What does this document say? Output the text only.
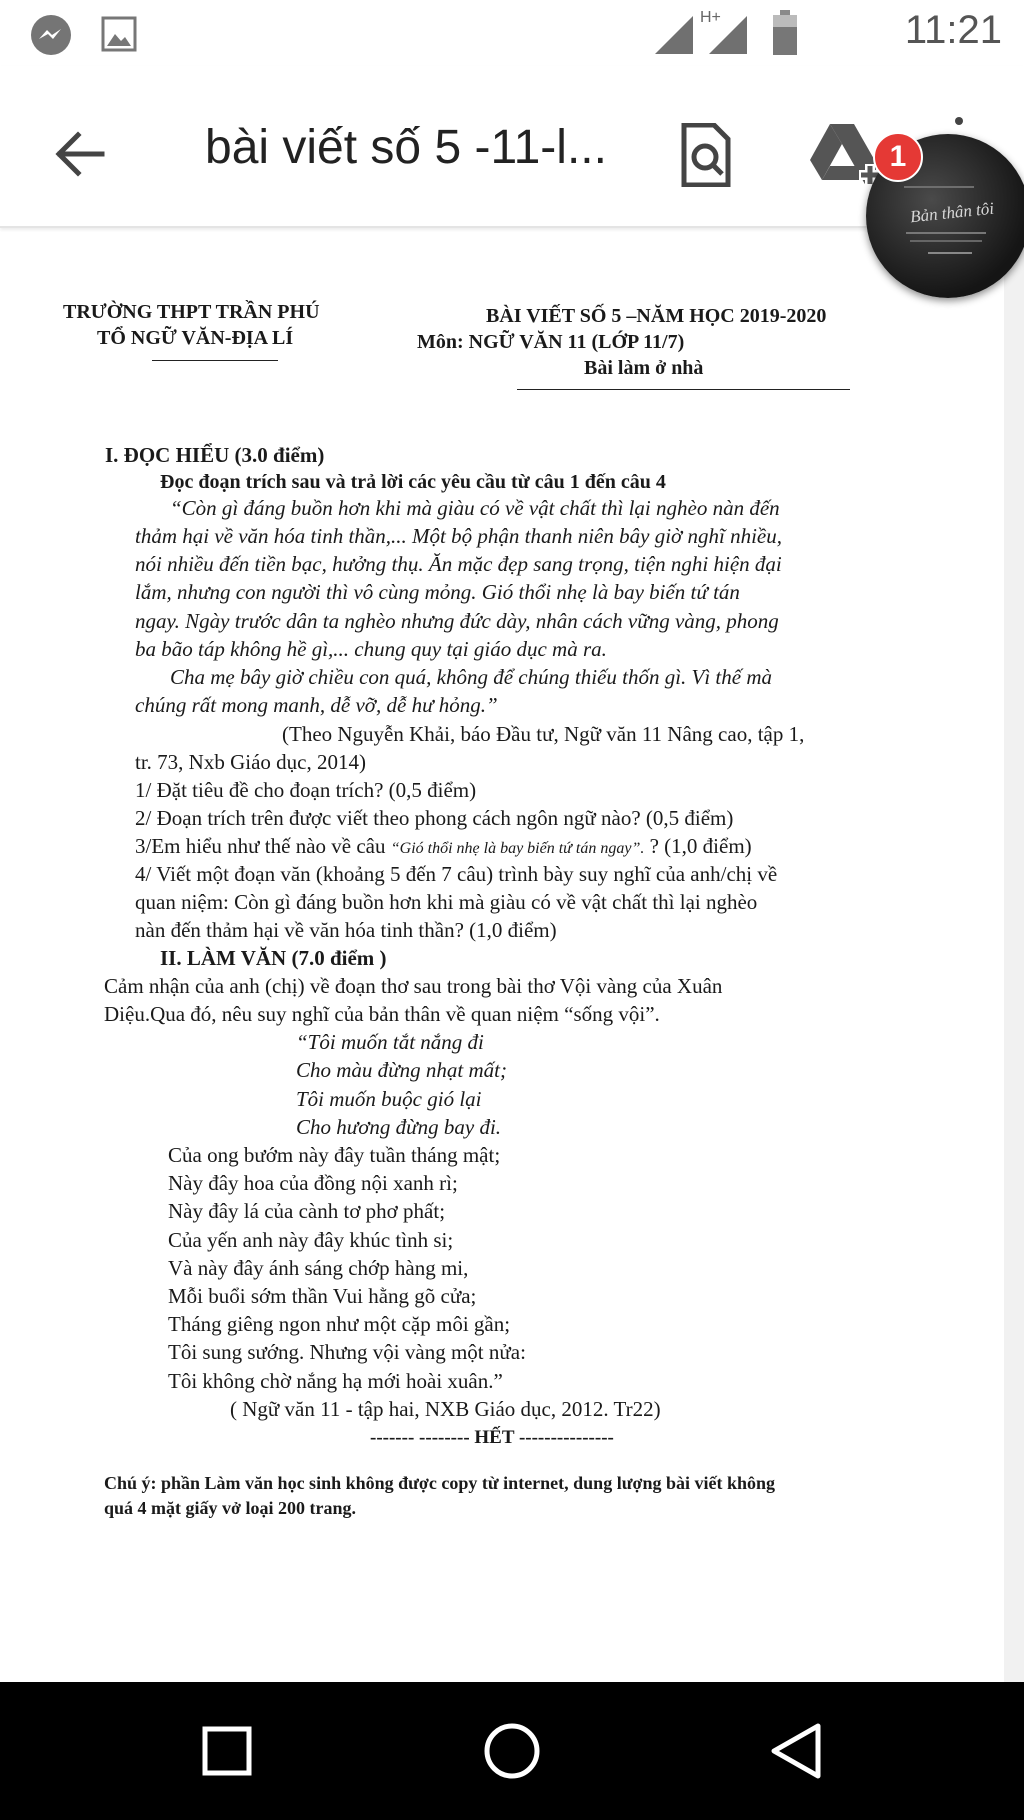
H+	11:21
bài viết số 5 -11-l...
Bản thân tôi
1
TRƯỜNG THPT TRẦN PHÚ
TỔ NGỮ VĂN-ĐỊA LÍ
BÀI VIẾT SỐ 5 –NĂM HỌC 2019-2020
Môn: NGỮ VĂN 11 (LỚP 11/7)
Bài làm ở nhà
I. ĐỌC HIỂU (3.0 điểm)
Đọc đoạn trích sau và trả lời các yêu cầu từ câu 1 đến câu 4
“Còn gì đáng buồn hơn khi mà giàu có về vật chất thì lại nghèo nàn đến
thảm hại về văn hóa tinh thần,... Một bộ phận thanh niên bây giờ nghĩ nhiều,
nói nhiều đến tiền bạc, hưởng thụ. Ăn mặc đẹp sang trọng, tiện nghi hiện đại
lắm, nhưng con người thì vô cùng mỏng. Gió thổi nhẹ là bay biến tứ tán
ngay. Ngày trước dân ta nghèo nhưng đức dày, nhân cách vững vàng, phong
ba bão táp không hề gì,... chung quy tại giáo dục mà ra.
Cha mẹ bây giờ chiều con quá, không để chúng thiếu thốn gì. Vì thế mà
chúng rất mong manh, dễ vỡ, dễ hư hỏng.”
(Theo Nguyễn Khải, báo Đầu tư, Ngữ văn 11 Nâng cao, tập 1,
tr. 73, Nxb Giáo dục, 2014)
1/ Đặt tiêu đề cho đoạn trích? (0,5 điểm)
2/ Đoạn trích trên được viết theo phong cách ngôn ngữ nào? (0,5 điểm)
3/Em hiểu như thế nào về câu “Gió thổi nhẹ là bay biến tứ tán ngay”. ? (1,0 điểm)
4/ Viết một đoạn văn (khoảng 5 đến 7 câu) trình bày suy nghĩ của anh/chị về
quan niệm: Còn gì đáng buồn hơn khi mà giàu có về vật chất thì lại nghèo
nàn đến thảm hại về văn hóa tinh thần? (1,0 điểm)
II. LÀM VĂN (7.0 điểm )
Cảm nhận của anh (chị) về đoạn thơ sau trong bài thơ Vội vàng của Xuân
Diệu.Qua đó, nêu suy nghĩ của bản thân về quan niệm “sống vội”.
“Tôi muốn tắt nắng đi
Cho màu đừng nhạt mất;
Tôi muốn buộc gió lại
Cho hương đừng bay đi.
Của ong bướm này đây tuần tháng mật;
Này đây hoa của đồng nội xanh rì;
Này đây lá của cành tơ phơ phất;
Của yến anh này đây khúc tình si;
Và này đây ánh sáng chớp hàng mi,
Mỗi buổi sớm thần Vui hằng gõ cửa;
Tháng giêng ngon như một cặp môi gần;
Tôi sung sướng. Nhưng vội vàng một nửa:
Tôi không chờ nắng hạ mới hoài xuân.”
( Ngữ văn 11 - tập hai, NXB Giáo dục, 2012. Tr22)
------- -------- HẾT ---------------
Chú ý: phần Làm văn học sinh không được copy từ internet, dung lượng bài viết không
quá 4 mặt giấy vở loại 200 trang.
